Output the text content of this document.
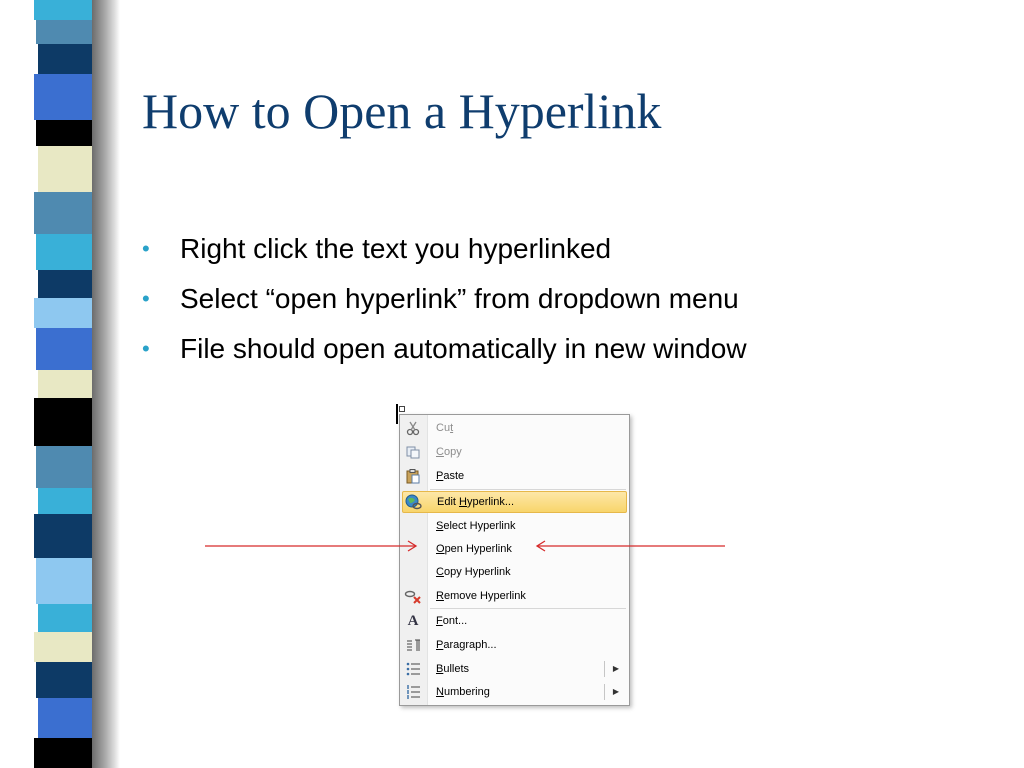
How to Open a Hyperlink
• Right click the text you hyperlinked
• Select “open hyperlink” from dropdown menu
• File should open automatically in new window
Cut
Copy
Paste
Edit Hyperlink...
Select Hyperlink
Open Hyperlink
Copy Hyperlink
Remove Hyperlink
A	Font...
Paragraph...
Bullets	▶
Numbering	▶
